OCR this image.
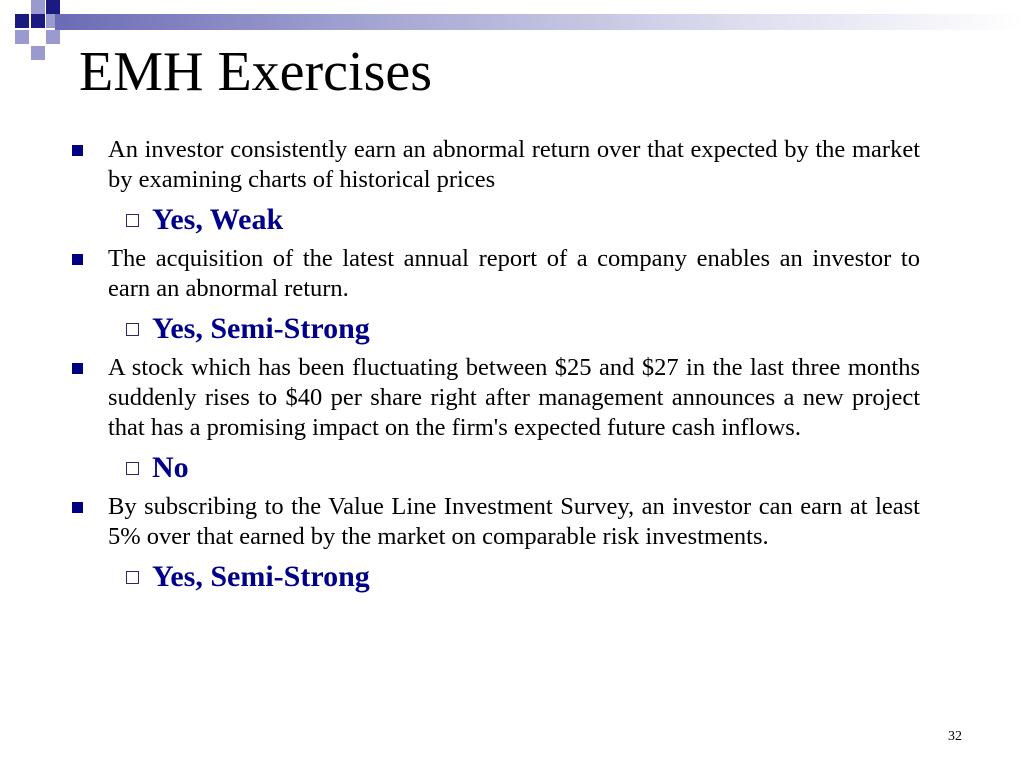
EMH Exercises
An investor consistently earn an abnormal return over that expected by the market by examining charts of historical prices
Yes, Weak
The acquisition of the latest annual report of a company enables an investor to earn an abnormal return.
Yes, Semi-Strong
A stock which has been fluctuating between $25 and $27 in the last three months suddenly rises to $40 per share right after management announces a new project that has a promising impact on the firm's expected future cash inflows.
No
By subscribing to the Value Line Investment Survey, an investor can earn at least 5% over that earned by the market on comparable risk investments.
Yes, Semi-Strong
32
